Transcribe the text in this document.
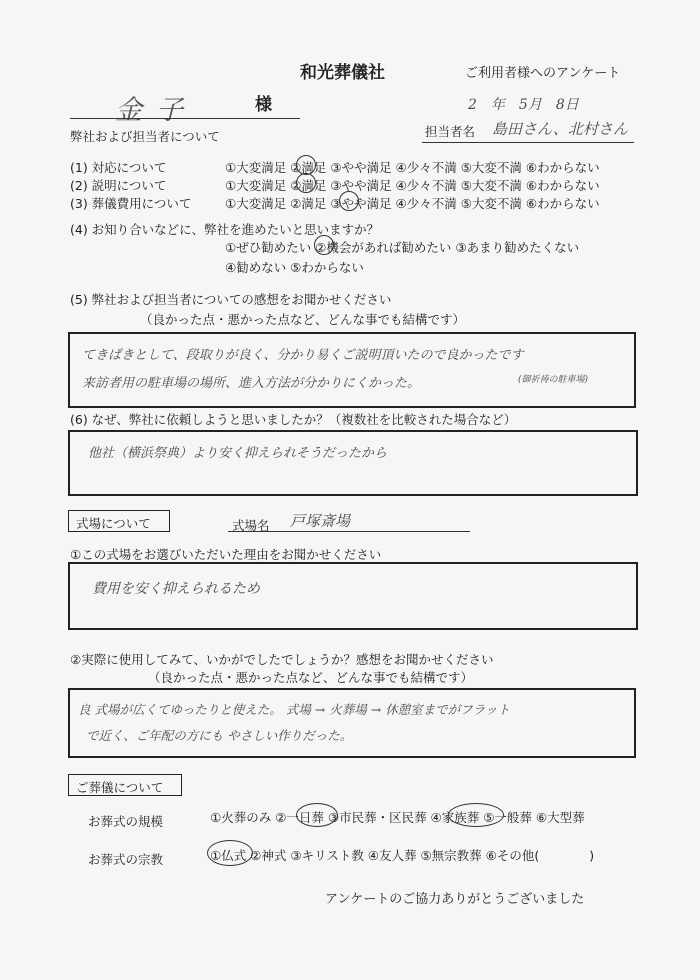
和光葬儀社	ご利用者様へのアンケート
金子	様	2　年　5月　8日
弊社および担当者について	担当者名 島田さん、北村さん
(1) 対応について	①大変満足 ②満足 ③やや満足 ④少々不満 ⑤大変不満 ⑥わからない
(2) 説明について	①大変満足 ②満足 ③やや満足 ④少々不満 ⑤大変不満 ⑥わからない
(3) 葬儀費用について	①大変満足 ②満足 ③やや満足 ④少々不満 ⑤大変不満 ⑥わからない
(4) お知り合いなどに、弊社を進めたいと思いますか？
①ぜひ勧めたい ②機会があれば勧めたい ③あまり勧めたくない
④勧めない ⑤わからない
(5) 弊社および担当者についての感想をお聞かせください
（良かった点・悪かった点など、どんな事でも結構です）
てきぱきとして、段取りが良く、分かり易くご説明頂いたので良かったです
来訪者用の駐車場の場所、進入方法が分かりにくかった。	(御祈祷の駐車場)
(6) なぜ、弊社に依頼しようと思いましたか？（複数社を比較された場合など）
他社（横浜祭典）より安く抑えられそうだったから
式場について	式場名 戸塚斎場
①この式場をお選びいただいた理由をお聞かせください
費用を安く抑えられるため
②実際に使用してみて、いかがでしたでしょうか？感想をお聞かせください
（良かった点・悪かった点など、どんな事でも結構です）
良 式場が広くてゆったりと使えた。 式場 → 火葬場 → 休憩室までがフラット
で近く、ご年配の方にも やさしい作りだった。
ご葬儀について
お葬式の規模	①火葬のみ ②一日葬 ③市民葬・区民葬 ④家族葬 ⑤一般葬 ⑥大型葬
お葬式の宗教	①仏式 ②神式 ③キリスト教 ④友人葬 ⑤無宗教葬 ⑥その他(　　　　)
アンケートのご協力ありがとうございました
